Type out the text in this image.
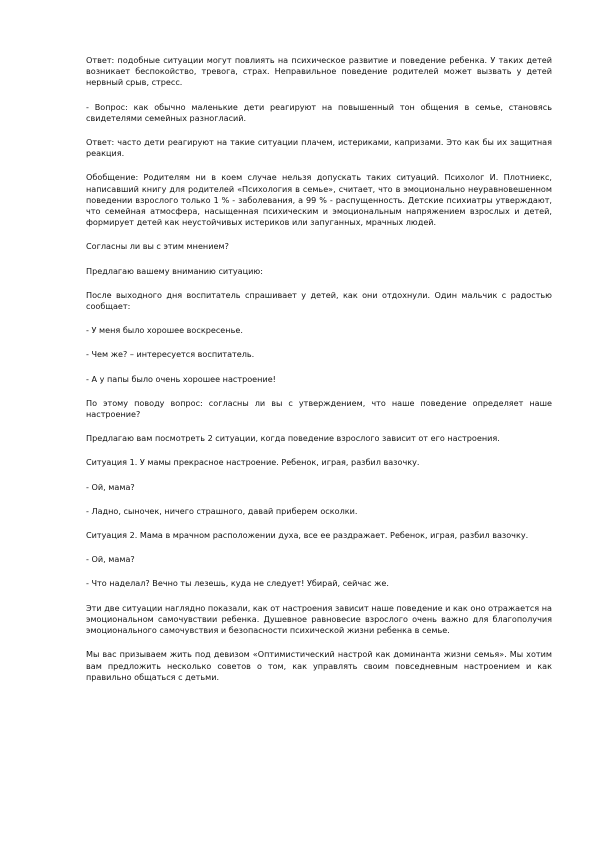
Ответ: подобные ситуации могут повлиять на психическое развитие и поведение ребенка. У таких детей возникает беспокойство, тревога, страх. Неправильное поведение родителей может вызвать у детей нервный срыв, стресс.

- Вопрос: как обычно маленькие дети реагируют на повышенный тон общения в семье, становясь свидетелями семейных разногласий.

Ответ: часто дети реагируют на такие ситуации плачем, истериками, капризами. Это как бы их защитная реакция.

Обобщение: Родителям ни в коем случае нельзя допускать таких ситуаций. Психолог И. Плотниекс, написавший книгу для родителей «Психология в семье», считает, что в эмоционально неуравновешенном поведении взрослого только 1 % - заболевания, а 99 % - распущенность. Детские психиатры утверждают, что семейная атмосфера, насыщенная психическим и эмоциональным напряжением взрослых и детей, формирует детей как неустойчивых истериков или запуганных, мрачных людей.

Согласны ли вы с этим мнением?

Предлагаю вашему вниманию ситуацию:

После выходного дня воспитатель спрашивает у детей, как они отдохнули. Один мальчик с радостью сообщает:

- У меня было хорошее воскресенье.

- Чем же? – интересуется воспитатель.

- А у папы было очень хорошее настроение!

По этому поводу вопрос: согласны ли вы с утверждением, что наше поведение определяет наше настроение?

Предлагаю вам посмотреть 2 ситуации, когда поведение взрослого зависит от его настроения.

Ситуация 1. У мамы прекрасное настроение. Ребенок, играя, разбил вазочку.

- Ой, мама?

- Ладно, сыночек, ничего страшного, давай приберем осколки.

Ситуация 2. Мама в мрачном расположении духа, все ее раздражает. Ребенок, играя, разбил вазочку.

- Ой, мама?

- Что наделал? Вечно ты лезешь, куда не следует! Убирай, сейчас же.

Эти две ситуации наглядно показали, как от настроения зависит наше поведение и как оно отражается на эмоциональном самочувствии ребенка. Душевное равновесие взрослого очень важно для благополучия эмоционального самочувствия и безопасности психической жизни ребенка в семье.

Мы вас призываем жить под девизом «Оптимистический настрой как доминанта жизни семья». Мы хотим вам предложить несколько советов о том, как управлять своим повседневным настроением и как правильно общаться с детьми.
